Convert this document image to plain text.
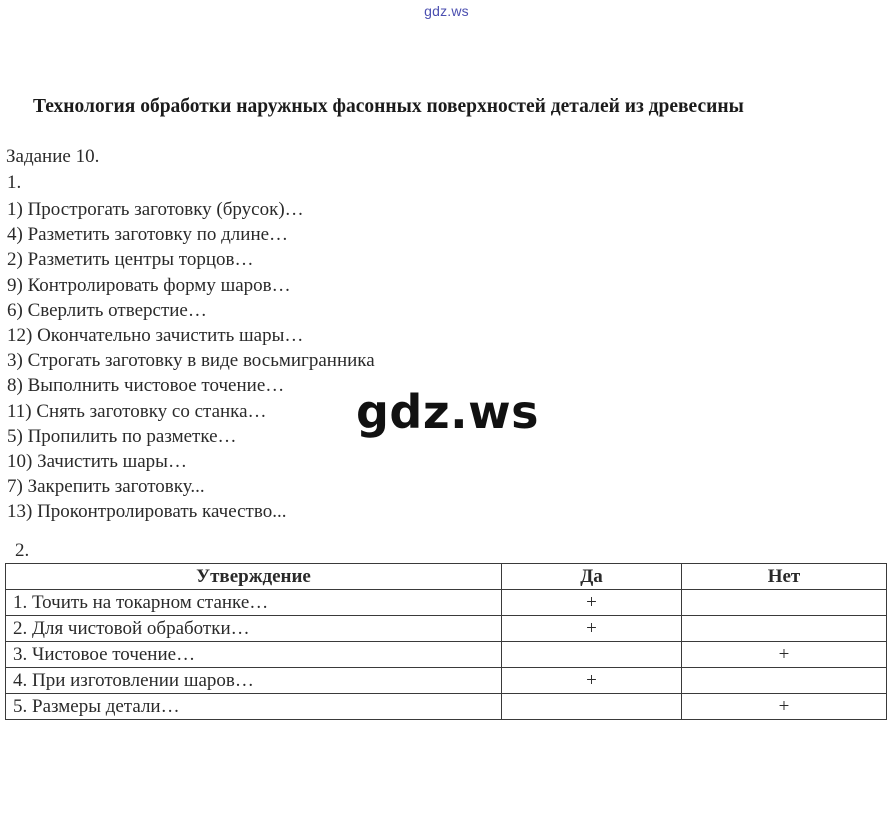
gdz.ws
Технология обработки наружных фасонных поверхностей деталей из древесины
Задание 10.
1.
1) Прострогать заготовку (брусок)…
4) Разметить заготовку по длине…
2) Разметить центры торцов…
9) Контролировать форму шаров…
6) Сверлить отверстие…
12) Окончательно зачистить шары…
3) Строгать заготовку в виде восьмигранника
8) Выполнить чистовое точение…
11) Снять заготовку со станка…
5) Пропилить по разметке…
10) Зачистить шары…
7) Закрепить заготовку...
13) Проконтролировать качество...
2.
Утверждение	Да	Нет
1. Точить на токарном станке…	+	
2. Для чистовой обработки…	+	
3. Чистовое точение…		+
4. При изготовлении шаров…	+	
5. Размеры детали…		+
gdz.ws
